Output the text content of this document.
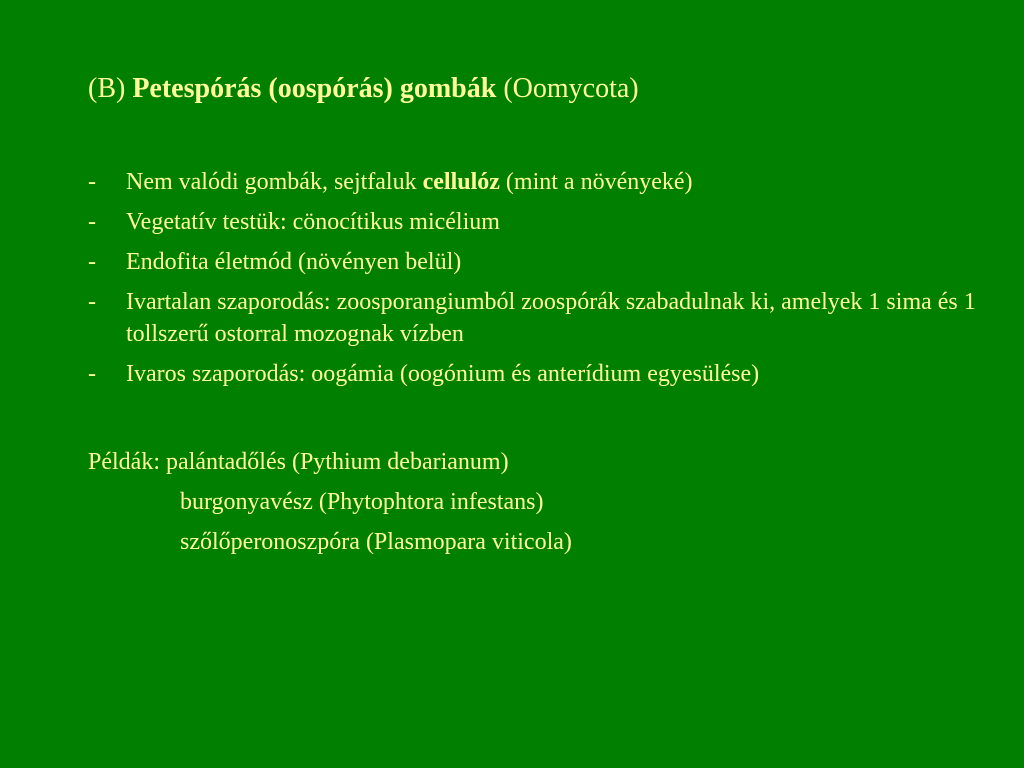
(B) Petespórás (oospórás) gombák (Oomycota)
- Nem valódi gombák, sejtfaluk cellulóz (mint a növényeké)
- Vegetatív testük: cönocítikus micélium
- Endofita életmód (növényen belül)
- Ivartalan szaporodás: zoosporangiumból zoospórák szabadulnak ki, amelyek 1 sima és 1 tollszerű ostorral mozognak vízben
- Ivaros szaporodás: oogámia (oogónium és anterídium egyesülése)
Példák: palántadőlés (Pythium debarianum)
burgonyavész (Phytophtora infestans)
szőlőperonoszpóra (Plasmopara viticola)
